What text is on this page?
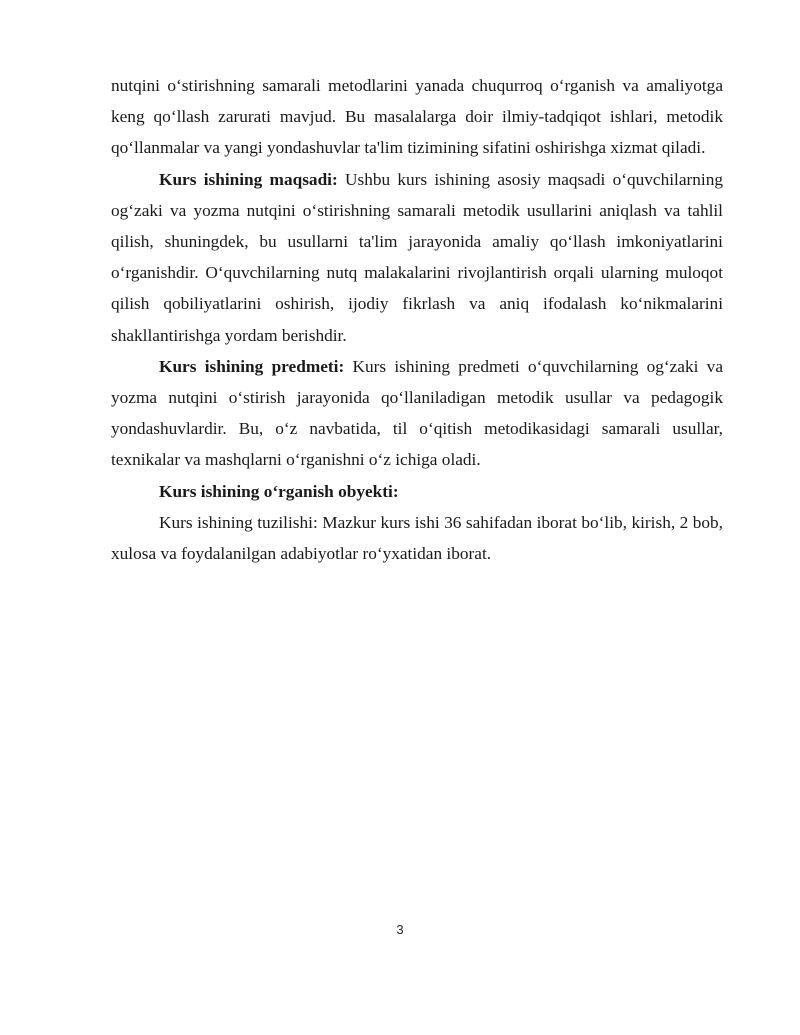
nutqini o‘stirishning samarali metodlarini yanada chuqurroq o‘rganish va amaliyotga keng qo‘llash zarurati mavjud. Bu masalalarga doir ilmiy-tadqiqot ishlari, metodik qo‘llanmalar va yangi yondashuvlar ta'lim tizimining sifatini oshirishga xizmat qiladi.

Kurs ishining maqsadi: Ushbu kurs ishining asosiy maqsadi o‘quvchilarning og‘zaki va yozma nutqini o‘stirishning samarali metodik usullarini aniqlash va tahlil qilish, shuningdek, bu usullarni ta'lim jarayonida amaliy qo‘llash imkoniyatlarini o‘rganishdir. O‘quvchilarning nutq malakalarini rivojlantirish orqali ularning muloqot qilish qobiliyatlarini oshirish, ijodiy fikrlash va aniq ifodalash ko‘nikmalarini shakllantirishga yordam berishdir.

Kurs ishining predmeti: Kurs ishining predmeti o‘quvchilarning og‘zaki va yozma nutqini o‘stirish jarayonida qo‘llaniladigan metodik usullar va pedagogik yondashuvlardir. Bu, o‘z navbatida, til o‘qitish metodikasidagi samarali usullar, texnikalar va mashqlarni o‘rganishni o‘z ichiga oladi.

Kurs ishining o‘rganish obyekti:

Kurs ishining tuzilishi: Mazkur kurs ishi 36 sahifadan iborat bo‘lib, kirish, 2 bob, xulosa va foydalanilgan adabiyotlar ro‘yxatidan iborat.

3
